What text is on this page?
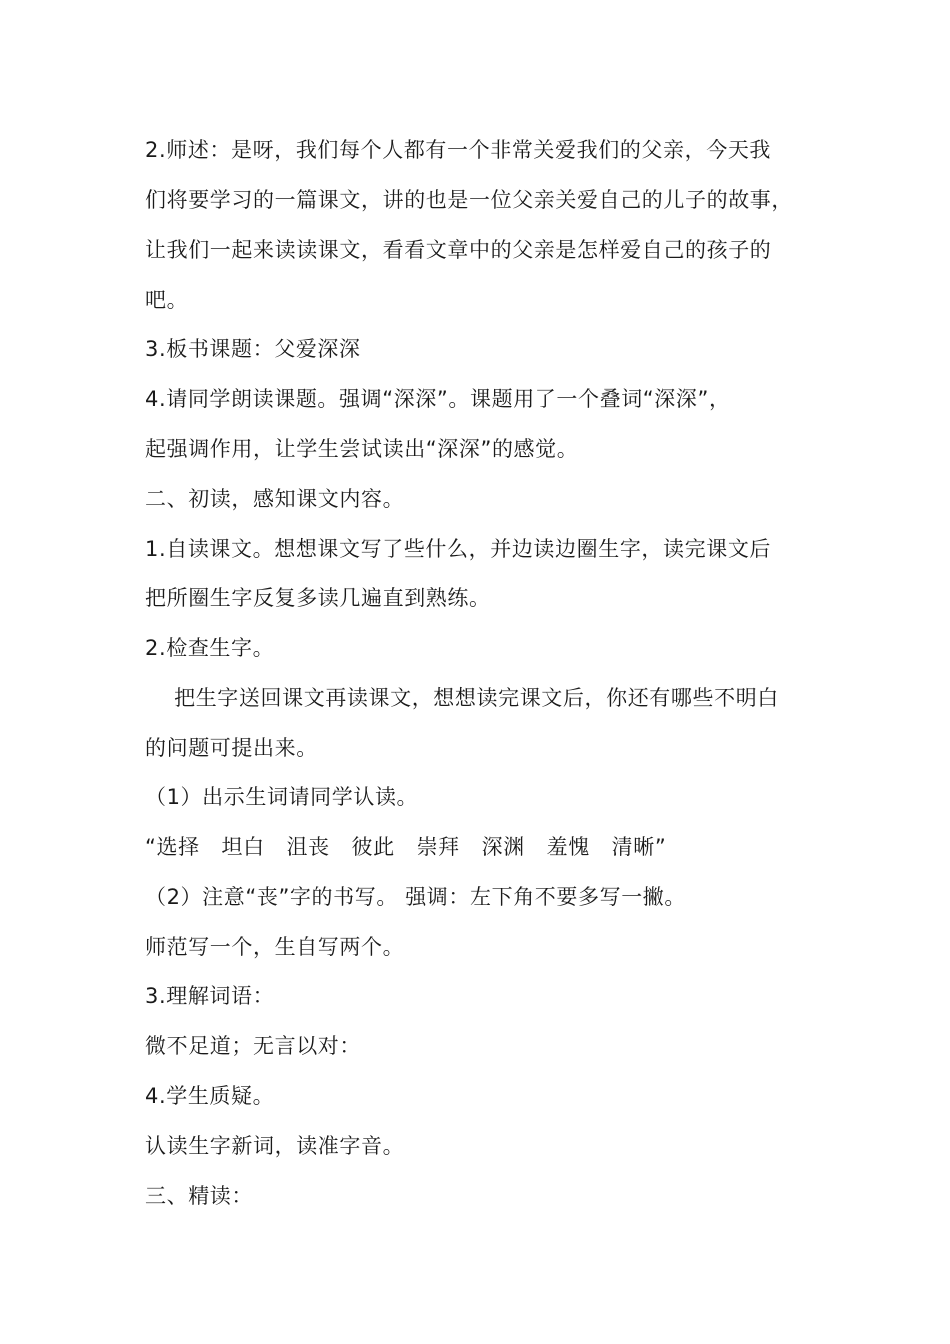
2.师述：是呀，我们每个人都有一个非常关爱我们的父亲，今天我
们将要学习的一篇课文，讲的也是一位父亲关爱自己的儿子的故事，
让我们一起来读读课文，看看文章中的父亲是怎样爱自己的孩子的
吧。
3.板书课题：父爱深深
4.请同学朗读课题。强调“深深”。课题用了一个叠词“深深”，
起强调作用，让学生尝试读出“深深”的感觉。
二、初读，感知课文内容。
1.自读课文。想想课文写了些什么，并边读边圈生字，读完课文后
把所圈生字反复多读几遍直到熟练。
2.检查生字。
把生字送回课文再读课文，想想读完课文后，你还有哪些不明白
的问题可提出来。
（1）出示生词请同学认读。
“选择   坦白   沮丧   彼此   崇拜   深渊   羞愧   清晰”
（2）注意“丧”字的书写。 强调：左下角不要多写一撇。
师范写一个，生自写两个。
3.理解词语：
微不足道；无言以对：
4.学生质疑。
认读生字新词，读准字音。
三、精读：
